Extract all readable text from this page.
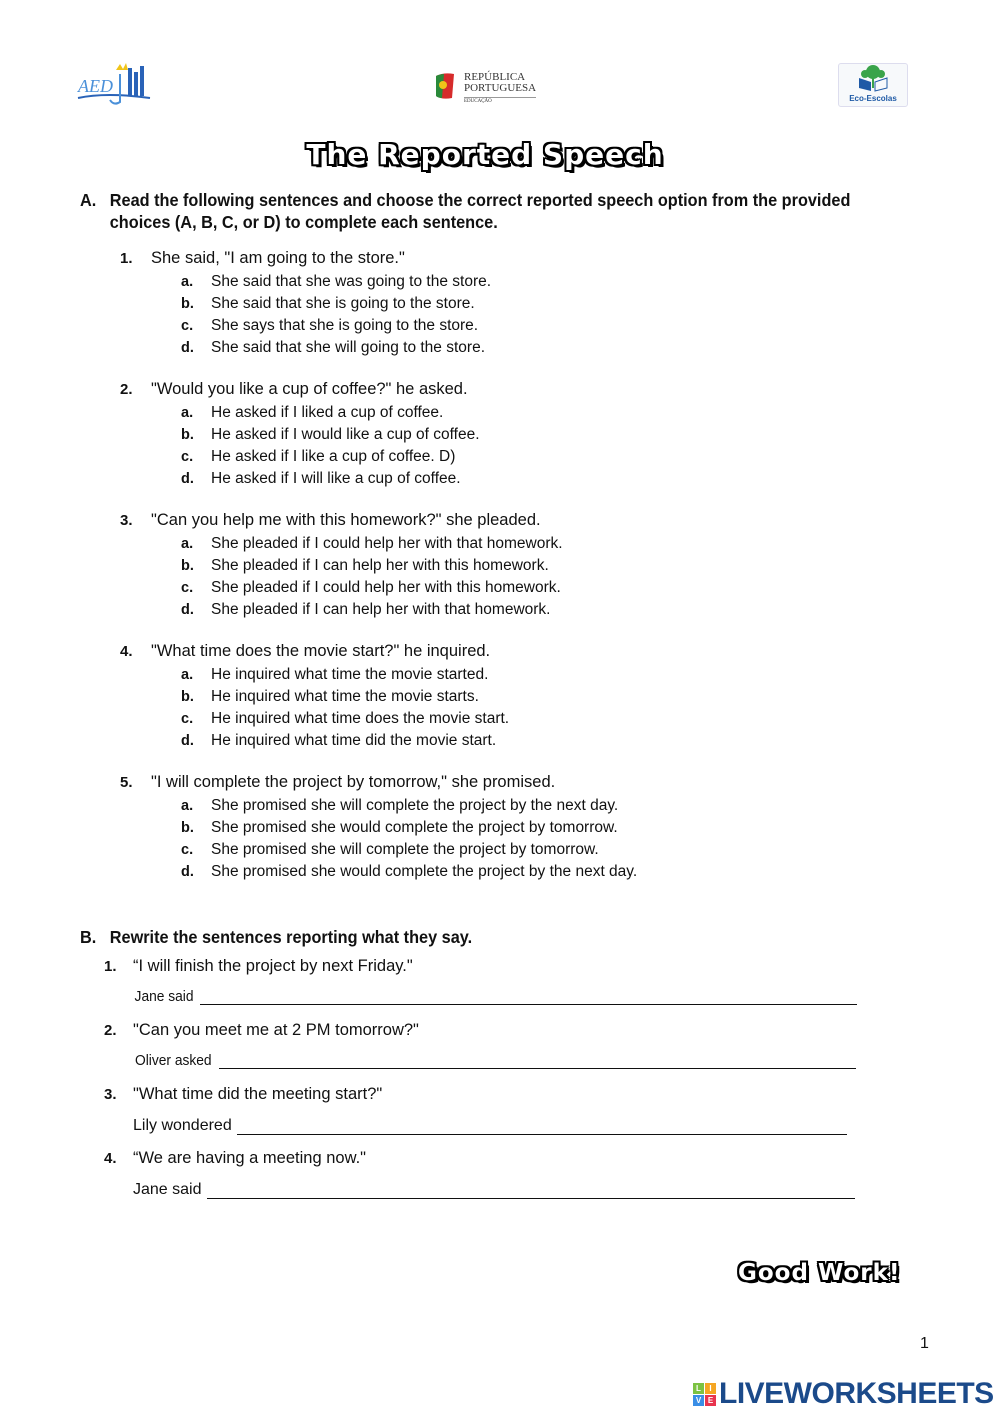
AED	REPÚBLICA
PORTUGUESA
EDUCAÇÃO	Eco-Escolas
The Reported Speech
A. Read the following sentences and choose the correct reported speech option from the provided choices (A, B, C, or D) to complete each sentence.
1. She said, "I am going to the store."
a. She said that she was going to the store.
b. She said that she is going to the store.
c. She says that she is going to the store.
d. She said that she will going to the store.
2. "Would you like a cup of coffee?" he asked.
a. He asked if I liked a cup of coffee.
b. He asked if I would like a cup of coffee.
c. He asked if I like a cup of coffee. D)
d. He asked if I will like a cup of coffee.
3. "Can you help me with this homework?" she pleaded.
a. She pleaded if I could help her with that homework.
b. She pleaded if I can help her with this homework.
c. She pleaded if I could help her with this homework.
d. She pleaded if I can help her with that homework.
4. "What time does the movie start?" he inquired.
a. He inquired what time the movie started.
b. He inquired what time the movie starts.
c. He inquired what time does the movie start.
d. He inquired what time did the movie start.
5. "I will complete the project by tomorrow," she promised.
a. She promised she will complete the project by the next day.
b. She promised she would complete the project by tomorrow.
c. She promised she will complete the project by tomorrow.
d. She promised she would complete the project by the next day.
B. Rewrite the sentences reporting what they say.
1. “I will finish the project by next Friday."
Jane said
2. "Can you meet me at 2 PM tomorrow?"
Oliver asked
3. "What time did the meeting start?"
Lily wondered
4. “We are having a meeting now."
Jane said
Good Work!
1
L	I
V E LIVEWORKSHEETS
